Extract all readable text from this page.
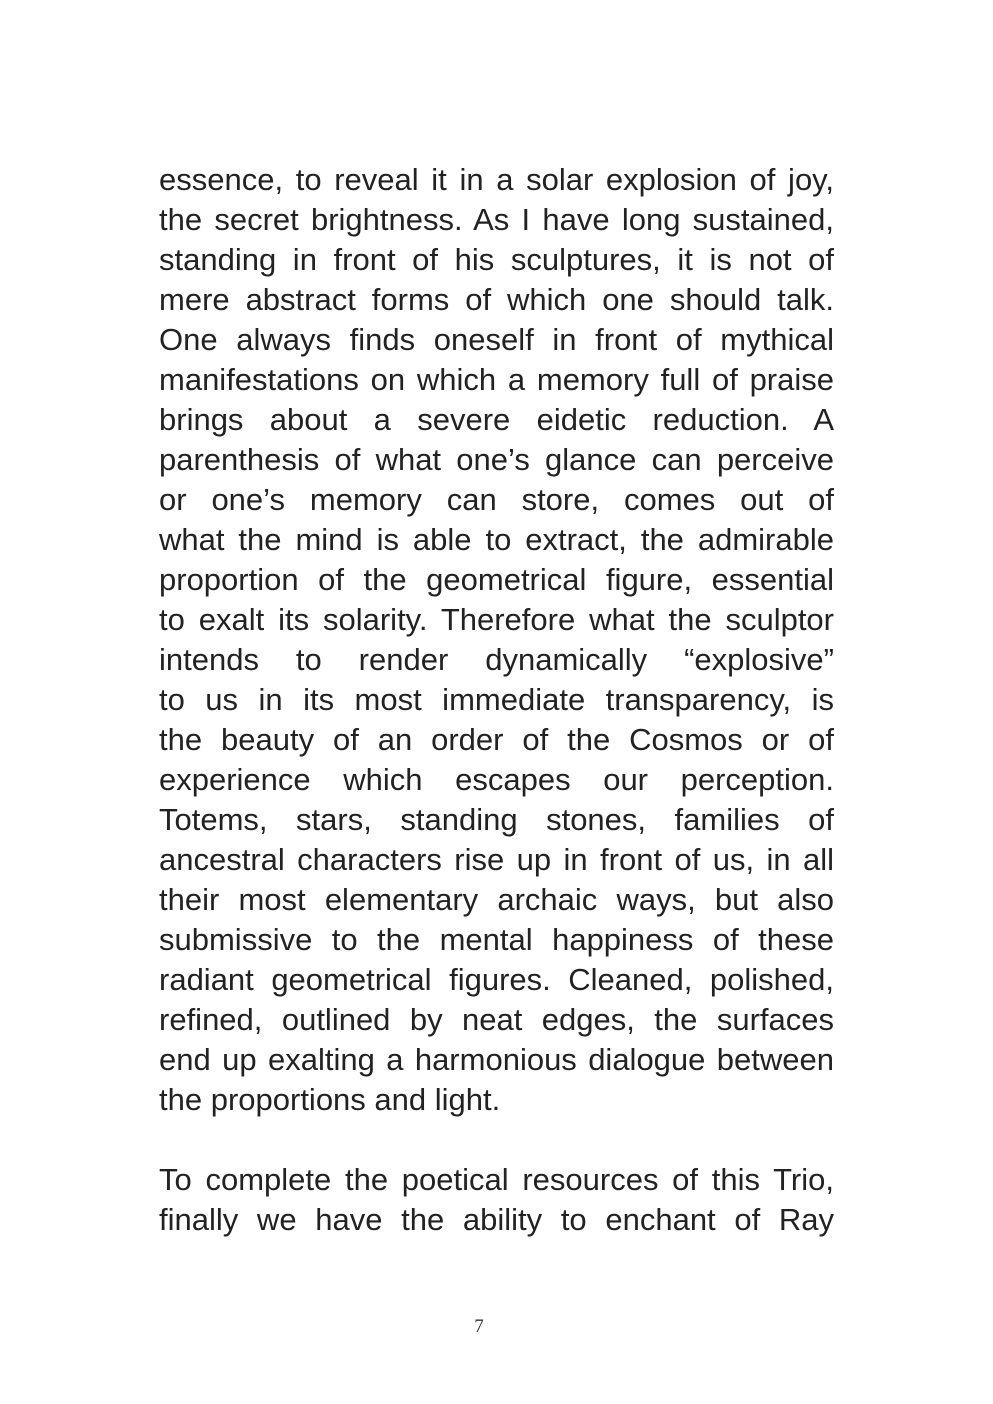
essence, to reveal it in a solar explosion of joy,
the secret brightness. As I have long sustained,
standing in front of his sculptures, it is not of
mere abstract forms of which one should talk.
One always finds oneself in front of mythical
manifestations on which a memory full of praise
brings about a severe eidetic reduction. A
parenthesis of what one’s glance can perceive
or one’s memory can store, comes out of
what the mind is able to extract, the admirable
proportion of the geometrical figure, essential
to exalt its solarity. Therefore what the sculptor
intends to render dynamically “explosive”
to us in its most immediate transparency, is
the beauty of an order of the Cosmos or of
experience which escapes our perception.
Totems, stars, standing stones, families of
ancestral characters rise up in front of us, in all
their most elementary archaic ways, but also
submissive to the mental happiness of these
radiant geometrical figures. Cleaned, polished,
refined, outlined by neat edges, the surfaces
end up exalting a harmonious dialogue between
the proportions and light.
To complete the poetical resources of this Trio,
finally we have the ability to enchant of Ray
7
